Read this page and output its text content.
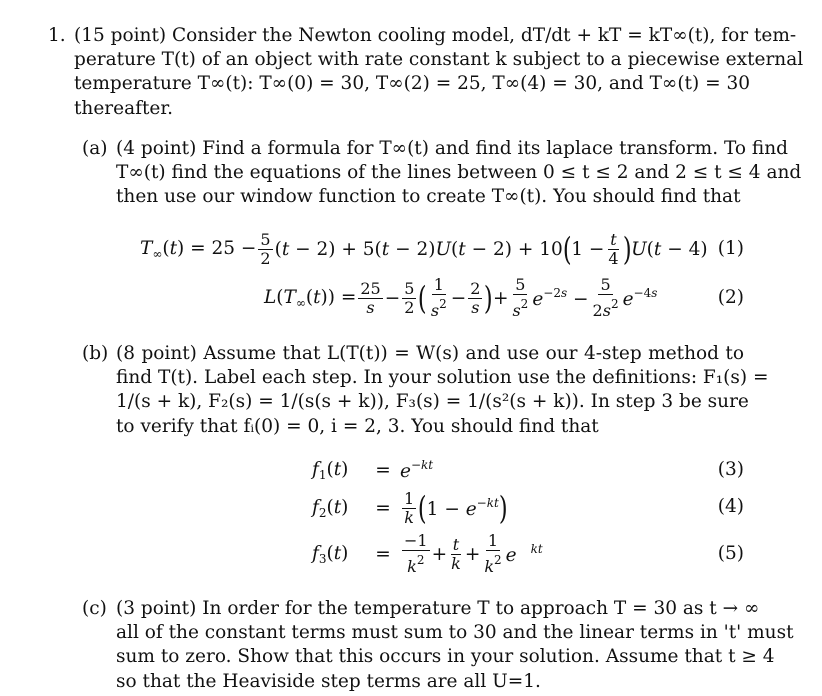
1. (15 point) Consider the Newton cooling model, dT/dt + kT = kT∞(t), for tem-
perature T(t) of an object with rate constant k subject to a piecewise external
temperature T∞(t): T∞(0) = 30, T∞(2) = 25, T∞(4) = 30, and T∞(t) = 30
thereafter.
(a) (4 point) Find a formula for T∞(t) and find its laplace transform. To find
T∞(t) find the equations of the lines between 0 ≤ t ≤ 2 and 2 ≤ t ≤ 4 and
then use our window function to create T∞(t). You should find that
$T_\infty(t) = 25 - \frac{5}{2} (t - 2) + 5(t - 2)U(t - 2) + 10$ ( $1 - \frac{t}{4}$ ) U(t − 4) (1)
$L(T_\infty(t)) = \frac{25}{s} - \frac{5}{2}$ ( $\frac{1}{s^2} - \frac{2}{s}$ ) + $\frac{5}{s^2} e^{-2s} - \frac{5}{2s^2} e^{-4s}$	(2)
(b) (8 point) Assume that L(T(t)) = W(s) and use our 4-step method to
find T(t). Label each step. In your solution use the definitions: F₁(s) =
1/(s + k), F₂(s) = 1/(s(s + k)), F₃(s) = 1/(s²(s + k)). In step 3 be sure
to verify that fᵢ(0) = 0, i = 2, 3. You should find that
$f_1(t)$	= $e^{-kt}$	(3)
$f_2(t)$	= $\frac{1}{k}$ ( $1 - e^{-kt}$ )	(4)
$f_3(t)$	= $\frac{-1}{k^2} + \frac{t}{k} + \frac{1}{k^2}$ e $^{kt}$	(5)
(c) (3 point) In order for the temperature T to approach T = 30 as t → ∞
all of the constant terms must sum to 30 and the linear terms in 't' must
sum to zero. Show that this occurs in your solution. Assume that t ≥ 4
so that the Heaviside step terms are all U=1.
